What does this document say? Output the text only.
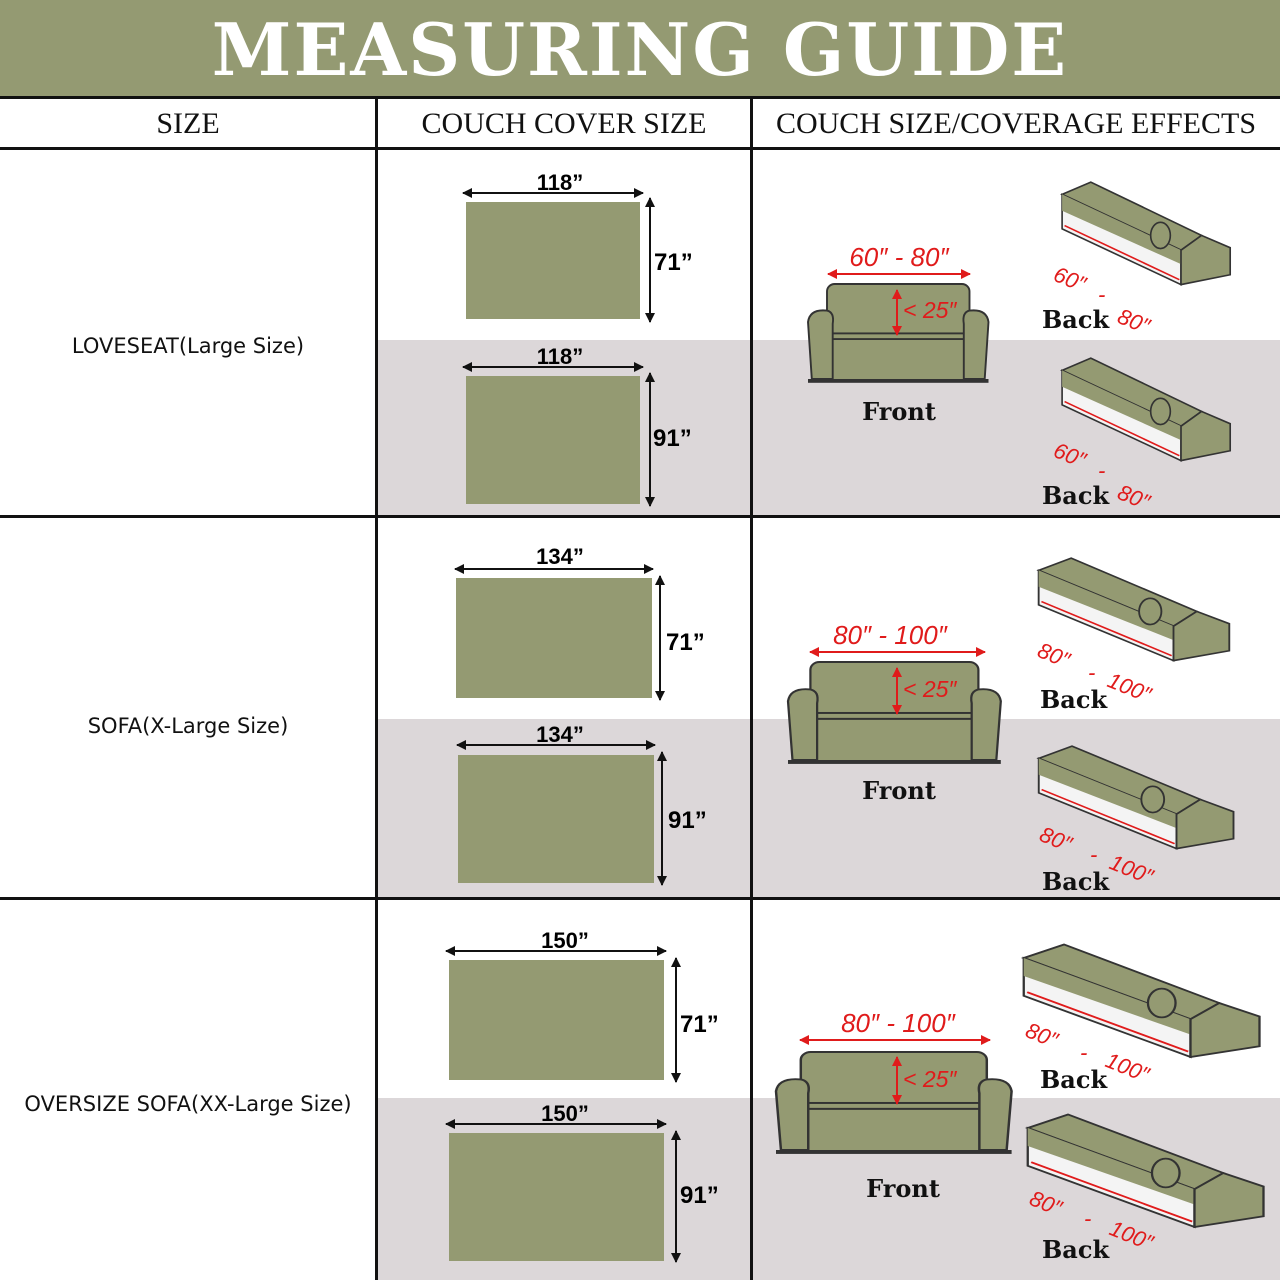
MEASURING GUIDE
SIZE	COUCH COVER SIZE	COUCH SIZE/COVERAGE EFFECTS
LOVESEAT(Large Size)
SOFA(X-Large Size)
OVERSIZE SOFA(XX-Large Size)
118”
71”
118”
91”
60″ - 80″
< 25″
Front
60″ -
80″
Back
60″ -
80″
Back
134”
71”
134”
91”
80″ - 100″
< 25″
Front
80″ - 100″
Back
80″ - 100″
Back
150”
71”
150”
91”
80″ - 100″
< 25″
Front
80″ - 100″
Back
80″ - 100″
Back
